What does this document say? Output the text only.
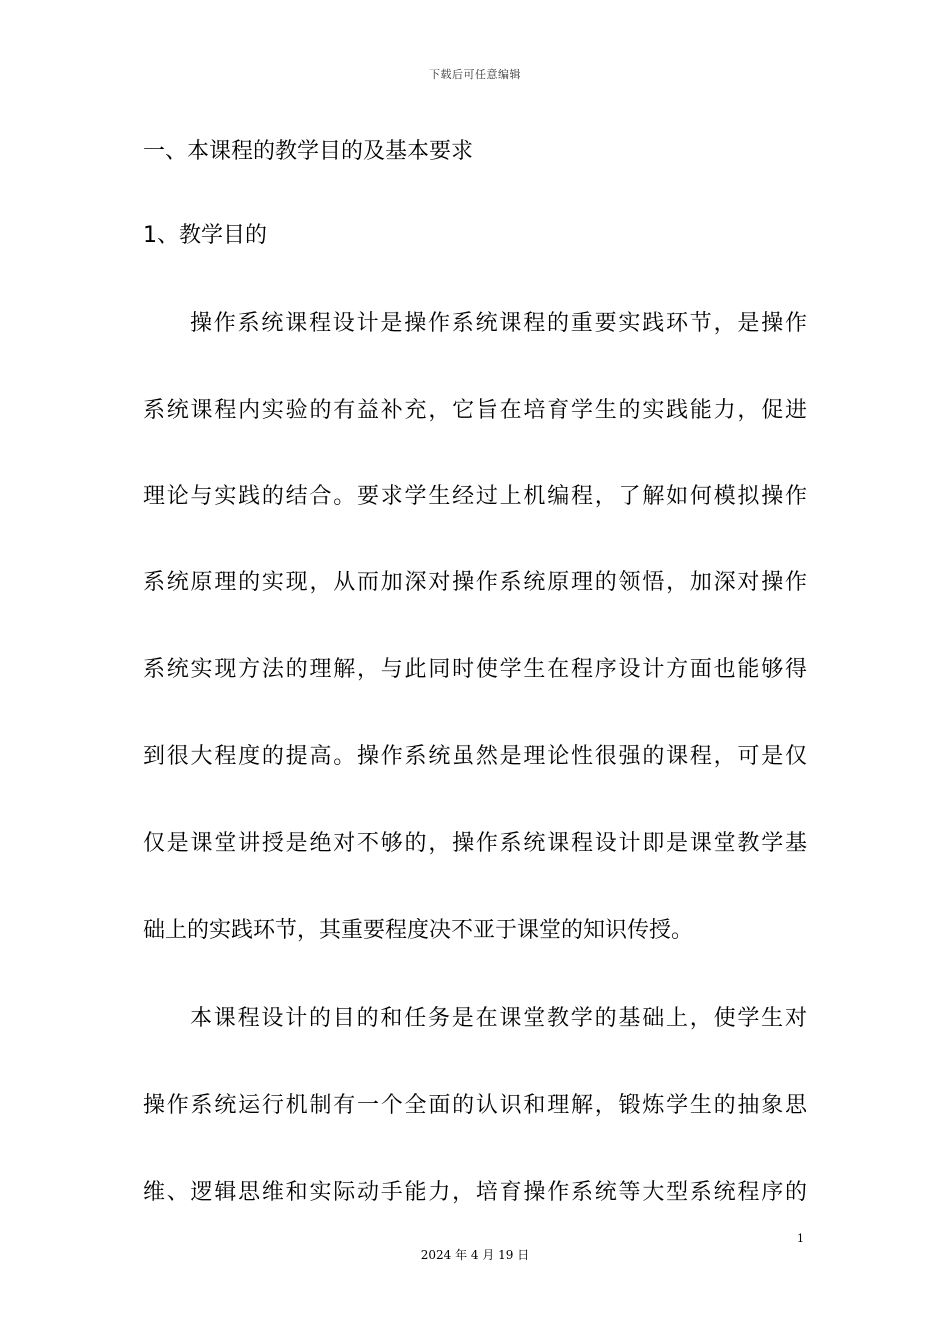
下载后可任意编辑
一、本课程的教学目的及基本要求
1、教学目的
操作系统课程设计是操作系统课程的重要实践环节，是操作
系统课程内实验的有益补充，它旨在培育学生的实践能力，促进
理论与实践的结合。要求学生经过上机编程，了解如何模拟操作
系统原理的实现，从而加深对操作系统原理的领悟，加深对操作
系统实现方法的理解，与此同时使学生在程序设计方面也能够得
到很大程度的提高。操作系统虽然是理论性很强的课程，可是仅
仅是课堂讲授是绝对不够的，操作系统课程设计即是课堂教学基
础上的实践环节，其重要程度决不亚于课堂的知识传授。
本课程设计的目的和任务是在课堂教学的基础上，使学生对
操作系统运行机制有一个全面的认识和理解，锻炼学生的抽象思
维、逻辑思维和实际动手能力，培育操作系统等大型系统程序的
1
2024 年 4 月 19 日
